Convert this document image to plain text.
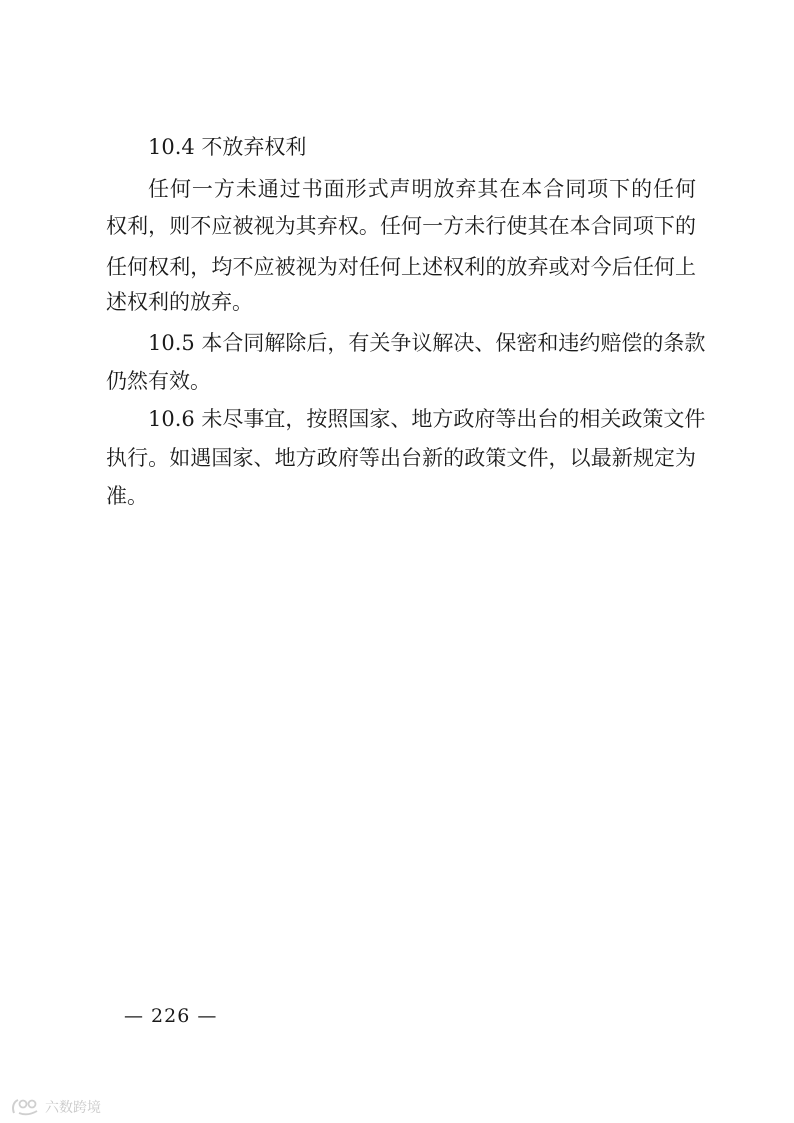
10.4 不放弃权利
任何一方未通过书面形式声明放弃其在本合同项下的任何
权利，则不应被视为其弃权。任何一方未行使其在本合同项下的
任何权利，均不应被视为对任何上述权利的放弃或对今后任何上
述权利的放弃。
10.5 本合同解除后，有关争议解决、保密和违约赔偿的条款
仍然有效。
10.6 未尽事宜，按照国家、地方政府等出台的相关政策文件
执行。如遇国家、地方政府等出台新的政策文件，以最新规定为
准。
— 226 —
六数跨境
